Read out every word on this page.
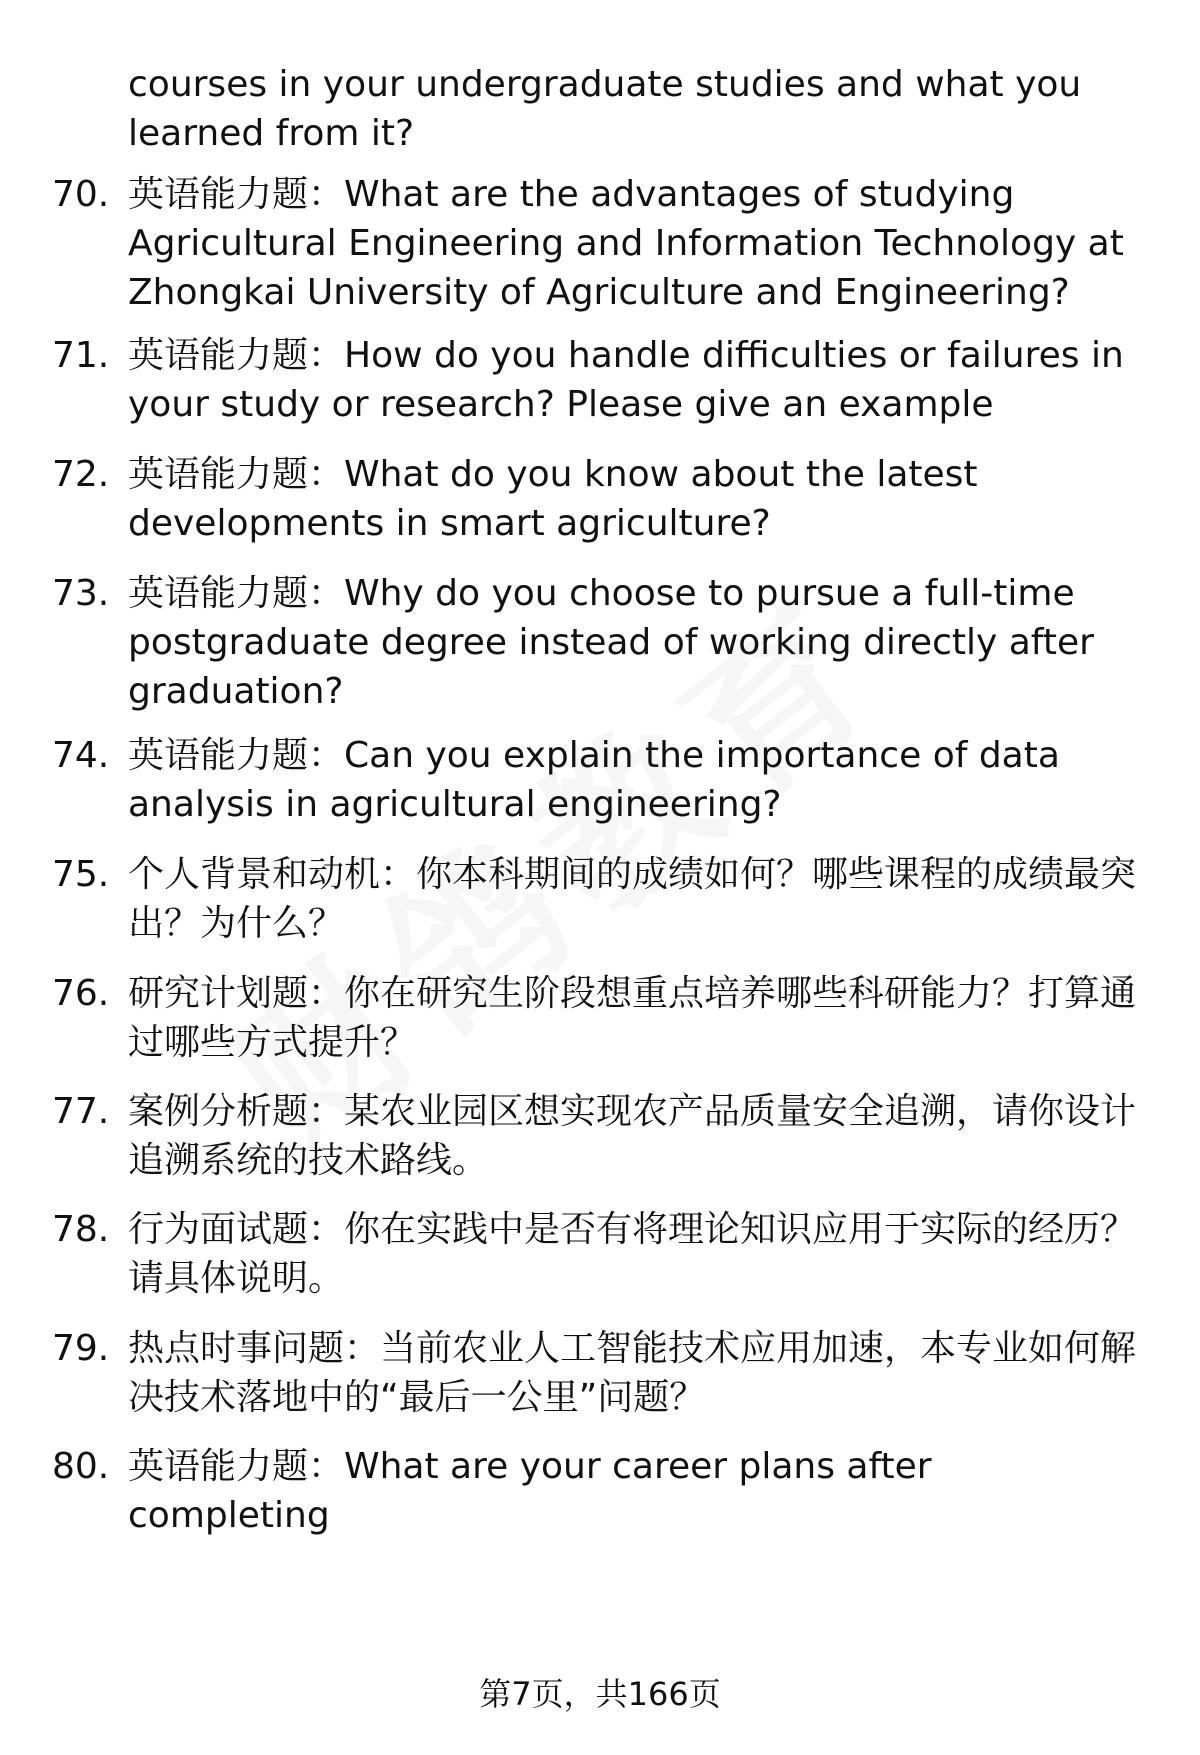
courses in your undergraduate studies and what you
learned from it?
70. 英语能力题：What are the advantages of studying
Agricultural Engineering and Information Technology at
Zhongkai University of Agriculture and Engineering?
71. 英语能力题：How do you handle difficulties or failures in
your study or research? Please give an example
72. 英语能力题：What do you know about the latest
developments in smart agriculture?
73. 英语能力题：Why do you choose to pursue a full-time
postgraduate degree instead of working directly after
graduation?
74. 英语能力题：Can you explain the importance of data
analysis in agricultural engineering?
75. 个人背景和动机：你本科期间的成绩如何？哪些课程的成绩最突
出？为什么？
76. 研究计划题：你在研究生阶段想重点培养哪些科研能力？打算通
过哪些方式提升？
77. 案例分析题：某农业园区想实现农产品质量安全追溯，请你设计
追溯系统的技术路线。
78. 行为面试题：你在实践中是否有将理论知识应用于实际的经历？
请具体说明。
79. 热点时事问题：当前农业人工智能技术应用加速，本专业如何解
决技术落地中的“最后一公里”问题？
80. 英语能力题：What are your career plans after completing
第7页，共166页
